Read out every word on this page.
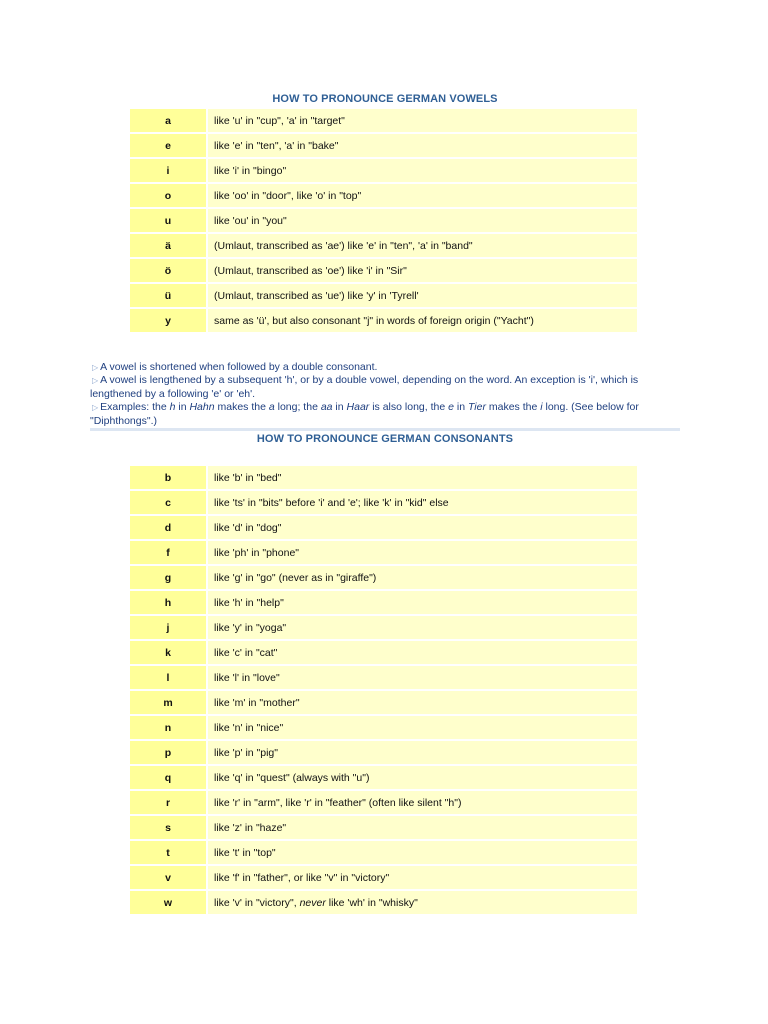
HOW TO PRONOUNCE GERMAN VOWELS
a	like 'u' in "cup", 'a' in "target"
e	like 'e' in "ten", 'a' in "bake"
i	like 'i' in "bingo"
o	like 'oo' in "door", like 'o' in "top"
u	like 'ou' in "you"
ä	(Umlaut, transcribed as 'ae') like 'e' in "ten", 'a' in "band"
ö	(Umlaut, transcribed as 'oe') like 'i' in "Sir"
ü	(Umlaut, transcribed as 'ue') like 'y' in 'Tyrell'
y	same as 'ü', but also consonant "j" in words of foreign origin ("Yacht")
▷ A vowel is shortened when followed by a double consonant.
▷ A vowel is lengthened by a subsequent 'h', or by a double vowel, depending on the word. An exception is 'i', which is lengthened by a following 'e' or 'eh'.
▷ Examples: the h in Hahn makes the a long; the aa in Haar is also long, the e in Tier makes the i long. (See below for "Diphthongs".)
HOW TO PRONOUNCE GERMAN CONSONANTS
b	like 'b' in "bed"
c	like 'ts' in "bits" before 'i' and 'e'; like 'k' in "kid" else
d	like 'd' in "dog"
f	like 'ph' in "phone"
g	like 'g' in "go" (never as in "giraffe")
h	like 'h' in "help"
j	like 'y' in "yoga"
k	like 'c' in "cat"
l	like 'l' in "love"
m	like 'm' in "mother"
n	like 'n' in "nice"
p	like 'p' in "pig"
q	like 'q' in "quest" (always with "u")
r	like 'r' in "arm", like 'r' in "feather" (often like silent "h")
s	like 'z' in "haze"
t	like 't' in "top"
v	like 'f' in "father", or like "v" in "victory"
w	like 'v' in "victory", never like 'wh' in "whisky"
